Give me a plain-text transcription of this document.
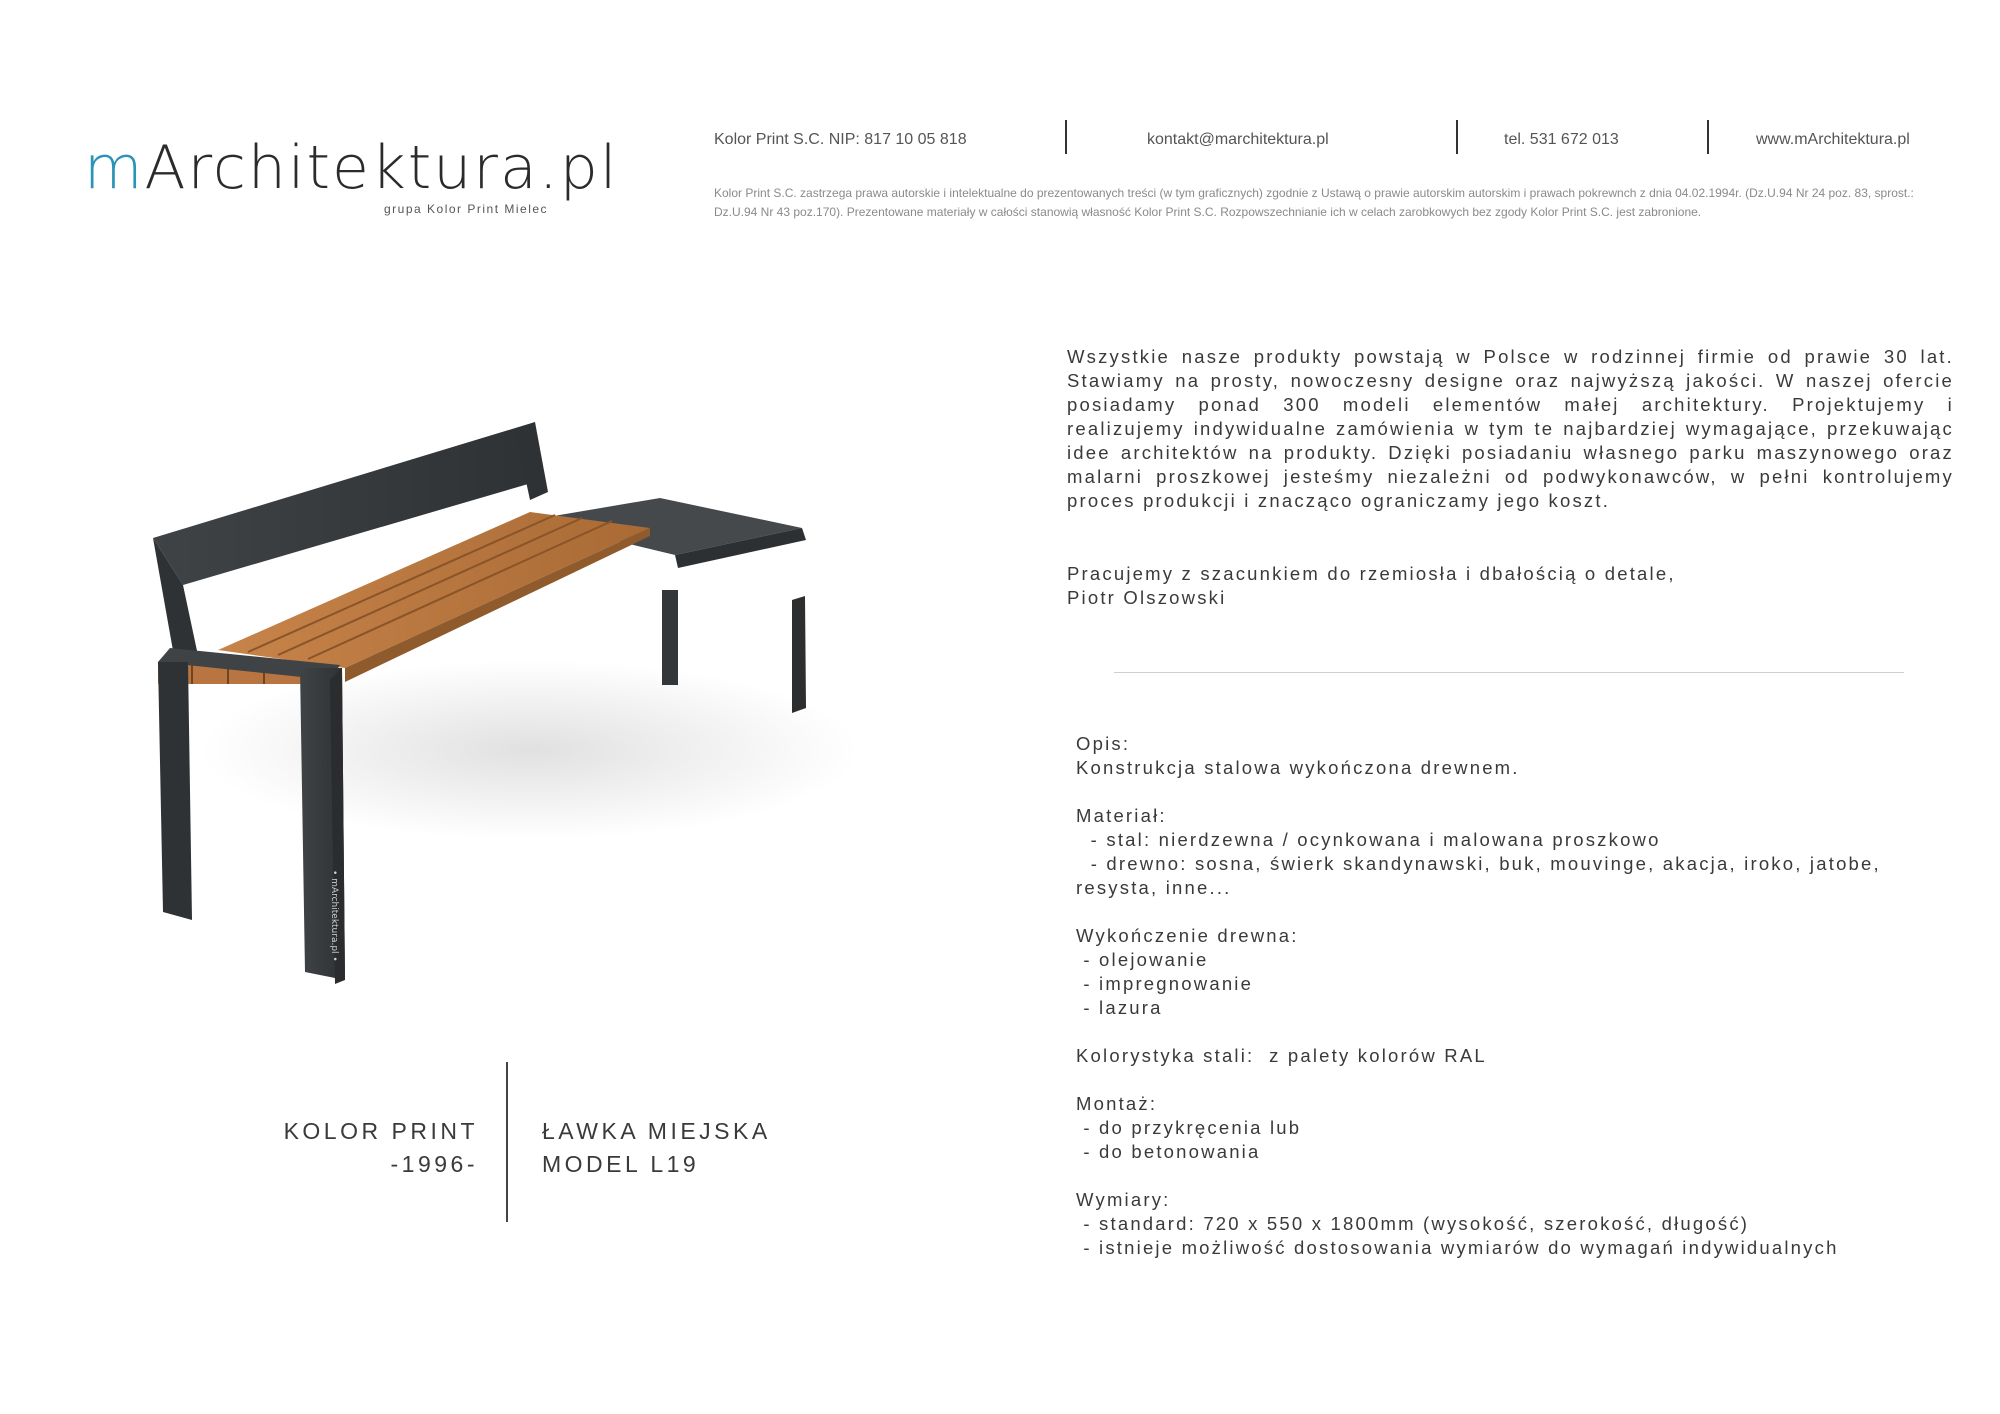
mArchitektura.pl
grupa Kolor Print Mielec
Kolor Print S.C. NIP: 817 10 05 818	kontakt@marchitektura.pl	tel. 531 672 013	www.mArchitektura.pl
Kolor Print S.C. zastrzega prawa autorskie i intelektualne do prezentowanych treści (w tym graficznych) zgodnie z Ustawą o prawie autorskim autorskim i prawach pokrewnch z dnia 04.02.1994r. (Dz.U.94 Nr 24 poz. 83, sprost.: Dz.U.94 Nr 43 poz.170). Prezentowane materiały w całości stanowią własność Kolor Print S.C. Rozpowszechnianie ich w celach zarobkowych bez zgody Kolor Print S.C. jest zabronione.
Wszystkie nasze produkty powstają w Polsce w rodzinnej firmie od prawie 30 lat. Stawiamy na prosty, nowoczesny designe oraz najwyższą jakości. W naszej ofercie posiadamy ponad 300 modeli elementów małej architektury. Projektujemy i realizujemy indywidualne zamówienia w tym te najbardziej wymagające, przekuwając idee architektów na produkty. Dzięki posiadaniu własnego parku maszynowego oraz malarni proszkowej jesteśmy niezależni od podwykonawców, w pełni kontrolujemy proces produkcji i znacząco ograniczamy jego koszt.
Pracujemy z szacunkiem do rzemiosła i dbałością o detale,
Piotr Olszowski
Opis:
Konstrukcja stalowa wykończona drewnem.
Materiał:
- stal: nierdzewna / ocynkowana i malowana proszkowo
- drewno: sosna, świerk skandynawski, buk, mouvinge, akacja, iroko, jatobe, resysta, inne...
Wykończenie drewna:
- olejowanie
- impregnowanie
- lazura
Kolorystyka stali:  z palety kolorów RAL
Montaż:
- do przykręcenia lub
- do betonowania
Wymiary:
- standard: 720 x 550 x 1800mm (wysokość, szerokość, długość)
- istnieje możliwość dostosowania wymiarów do wymagań indywidualnych
• mArchitektura.pl •
KOLOR PRINT
-1996-
ŁAWKA MIEJSKA
MODEL L19
